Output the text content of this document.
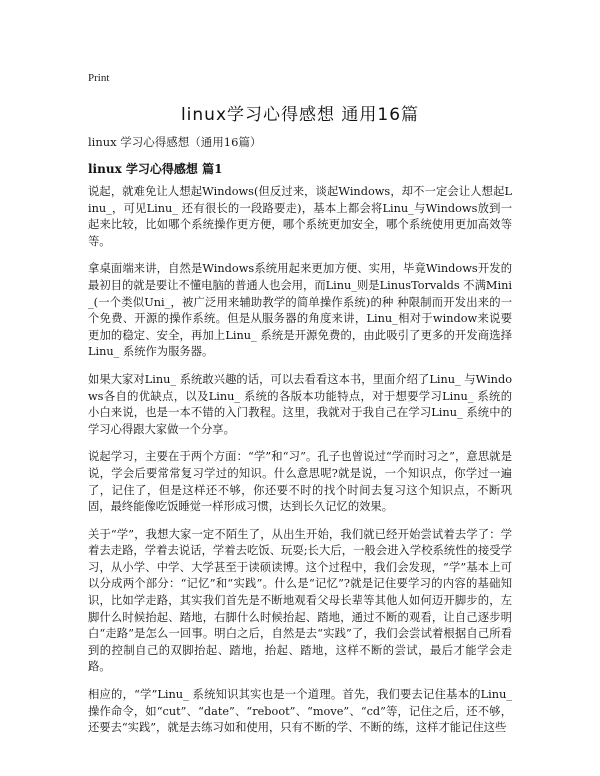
Print
linux学习心得感想 通用16篇
linux 学习心得感想（通用16篇）
linux 学习心得感想 篇1

说起，就难免让人想起Windows(但反过来，谈起Windows，却不一定会让人想起Linu_，可见Linu_ 还有很长的一段路要走)，基本上都会将Linu_与Windows放到一起来比较，比如哪个系统操作更方便，哪个系统更加安全，哪个系统使用更加高效等等。

拿桌面端来讲，自然是Windows系统用起来更加方便、实用，毕竟Windows开发的最初目的就是要让不懂电脑的普通人也会用，而Linu_则是LinusTorvalds 不满Mini_(一个类似Uni_，被广泛用来辅助教学的简单操作系统)的种 种限制而开发出来的一个免费、开源的操作系统。但是从服务器的角度来讲，Linu_相对于window来说要更加的稳定、安全，再加上Linu_ 系统是开源免费的，由此吸引了更多的开发商选择Linu_ 系统作为服务器。

如果大家对Linu_ 系统敢兴趣的话，可以去看看这本书，里面介绍了Linu_ 与Windows各自的优缺点，以及Linu_ 系统的各版本功能特点，对于想要学习Linu_ 系统的小白来说，也是一本不错的入门教程。这里，我就对于我自己在学习Linu_ 系统中的学习心得跟大家做一个分享。

说起学习，主要在于两个方面：“学”和“习”。孔子也曾说过“学而时习之”，意思就是说，学会后要常常复习学过的知识。什么意思呢?就是说，一个知识点，你学过一遍了，记住了，但是这样还不够，你还要不时的找个时间去复习这个知识点，不断巩固，最终能像吃饭睡觉一样形成习惯，达到长久记忆的效果。

关于“学”，我想大家一定不陌生了，从出生开始，我们就已经开始尝试着去学了：学着去走路，学着去说话，学着去吃饭、玩耍;长大后，一般会进入学校系统性的接受学习，从小学、中学、大学甚至于读硕读博。这个过程中，我们会发现，“学”基本上可以分成两个部分：“记忆”和“实践”。什么是“记忆”?就是记住要学习的内容的基础知识，比如学走路，其实我们首先是不断地观看父母长辈等其他人如何迈开脚步的，左脚什么时候抬起、踏地，右脚什么时候抬起、踏地，通过不断的观看，让自己逐步明白“走路”是怎么一回事。明白之后，自然是去“实践”了，我们会尝试着根据自己所看到的控制自己的双脚抬起、踏地，抬起、踏地，这样不断的尝试，最后才能学会走路。

相应的，“学”Linu_ 系统知识其实也是一个道理。首先，我们要去记住基本的Linu_ 操作命令，如“cut”、“date”、“reboot”、“move”、“cd”等，记住之后，还不够，还要去“实践”，就是去练习如和使用，只有不断的学、不断的练，这样才能记住这些
